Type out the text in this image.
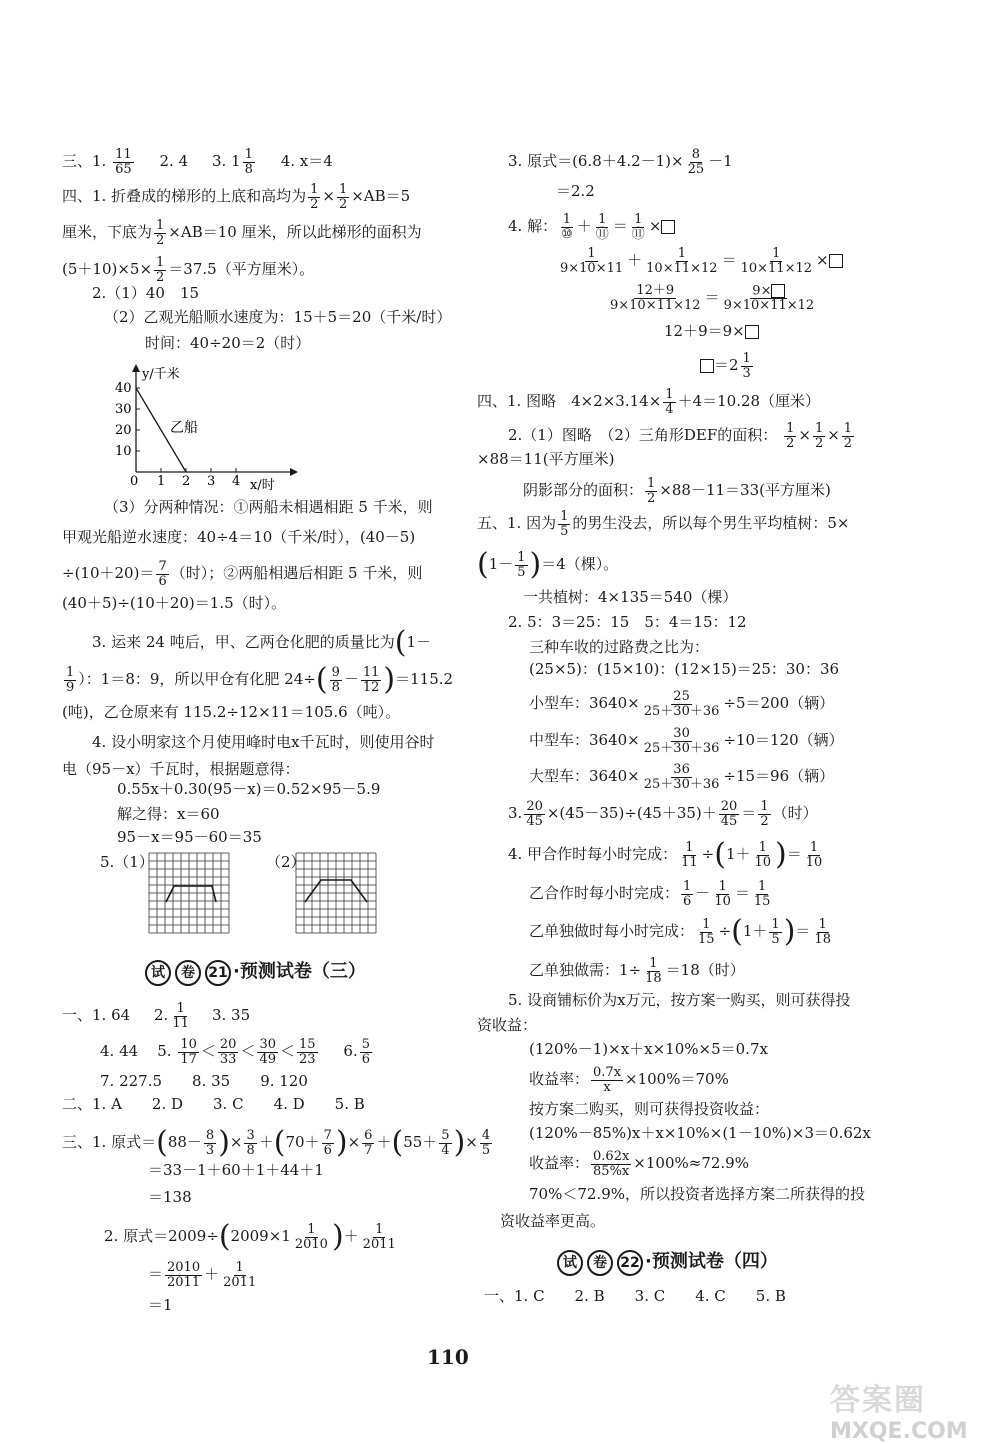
三、1. $\frac{11}{65} 2$. 4 3. $1 \frac{1}{8} 4$. x＝4
四、1. 折叠成的梯形的上底和高均为 $\frac{1}{2} \times \frac{1}{2} \times AB=5$
厘米，下底为 $\frac{1}{2} \times AB=10$ 厘米，所以此梯形的面积为
$(5+10)\times 5\times \frac{1}{2} =37.5$（平方厘米）。
2.（1）40　15
（2）乙观光船顺水速度为：15＋5＝20（千米/时）
时间：40÷20＝2（时）
40
30
20
10
0 1 2 3 4
y/千米
x/时
乙船
（3）分两种情况：①两船未相遇相距 5 千米，则
甲观光船逆水速度：40÷4＝10（千米/时），(40－5)
$\div(10+20)= \frac{7}{6}$ （时）；②两船相遇后相距 5 千米，则
(40＋5)÷(10＋20)＝1.5（时）。
3. 运来 24 吨后，甲、乙两仓化肥的质量比为(1－
$\frac{1}{9}$ ）：1＝8：9，所以甲仓有化肥 $24\div( \frac{9}{8} - \frac{11}{12} )=115.2$
(吨)，乙仓原来有 115.2÷12×11＝105.6（吨）。
4. 设小明家这个月使用峰时电x千瓦时，则使用谷时
电（95－x）千瓦时，根据题意得：
0.55x＋0.30(95－x)＝0.52×95－5.9
解之得：x＝60
95－x＝95－60＝35
5.（1）	（2）
试 卷 21 ·预测试卷（三）
一、1. 64 2. $\frac{1}{11} 3$. 35
4. 44 5. $\frac{10}{17} < \frac{20}{33} < \frac{30}{49} < \frac{15}{23} 6$. $\frac{5}{6}$
7. 227.5　　8. 35　　9. 120
二、1. A　　2. D　　3. C　　4. D　　5. B
三、1. 原式$=(88- \frac{8}{3}$ )× $\frac{3}{8} +(70+ \frac{7}{6}$ )× $\frac{6}{7} +(55+ \frac{5}{4}$ )× $\frac{4}{5}$
＝33－1＋60＋1＋44＋1
＝138
2. 原式$=2009\div(2009\times 1 \frac{1}{2010}$ )＋ $\frac{1}{2011}$
＝ $\frac{2010}{2011} + \frac{1}{2011}$
＝1
3. 原式$=(6.8+4.2-1)\times \frac{8}{25} -1$
＝2.2
4. 解： 1
⑩ ＋ 1
⑪ ＝ 1
⑪ ×
$\frac{1}{9\times 10\times 11} + \frac{1}{10\times 11\times 12} = \frac{1}{10\times 11\times 12}$ ×
$\frac{12+9}{9\times 10\times 11\times 12} = \frac{9\times}{9\times 10\times 11\times 12}$
12＋9＝9×
$=2 \frac{1}{3}$
四、1. 图略　$4\times 2\times 3.14\times \frac{1}{4} +4=10.28$（厘米）
2.（1）图略　（2）三角形DEF的面积： $\frac{1}{2} \times \frac{1}{2} \times \frac{1}{2}$
×88＝11(平方厘米)
阴影部分的面积： $\frac{1}{2} \times 88-11=33$(平方厘米)
五、1. 因为 $\frac{1}{5}$ 的男生没去，所以每个男生平均植树：5×
$(1- \frac{1}{5} )=4$（棵）。
一共植树：4×135＝540（棵）
2. 5：3＝25：15　5：4＝15：12
三种车收的过路费之比为：
(25×5)：(15×10)：(12×15)＝25：30：36
小型车：$3640\times \frac{25}{25+30+36} \div 5=200$（辆）
中型车：$3640\times \frac{30}{25+30+36} \div 10=120$（辆）
大型车：$3640\times \frac{36}{25+30+36} \div 15=96$（辆）
3. $\frac{20}{45} \times(45-35)\div(45+35)+ \frac{20}{45} = \frac{1}{2}$ （时）
4. 甲合作时每小时完成： $\frac{1}{11} \div(1+ \frac{1}{10}$ )＝ $\frac{1}{10}$
乙合作时每小时完成： $\frac{1}{6} - \frac{1}{10} = \frac{1}{15}$
乙单独做时每小时完成： $\frac{1}{15} \div(1+ \frac{1}{5}$ )＝ $\frac{1}{18}$
乙单独做需：$1\div \frac{1}{18} =18$（时）
5. 设商铺标价为x万元，按方案一购买，则可获得投
资收益：
(120%－1)×x＋x×10%×5＝0.7x
收益率： $\frac{0.7x}{x} \times 100\%=70\%$
按方案二购买，则可获得投资收益：
(120%－85%)x＋x×10%×(1－10%)×3＝0.62x
收益率： $\frac{0.62x}{85\%x} \times 100\%\approx 72.9\%$
70%＜72.9%，所以投资者选择方案二所获得的投
资收益率更高。
试 卷 22 ·预测试卷（四）
一、1. C　　2. B　　3. C　　4. C　　5. B
110
答案圈
MXQE.COM
